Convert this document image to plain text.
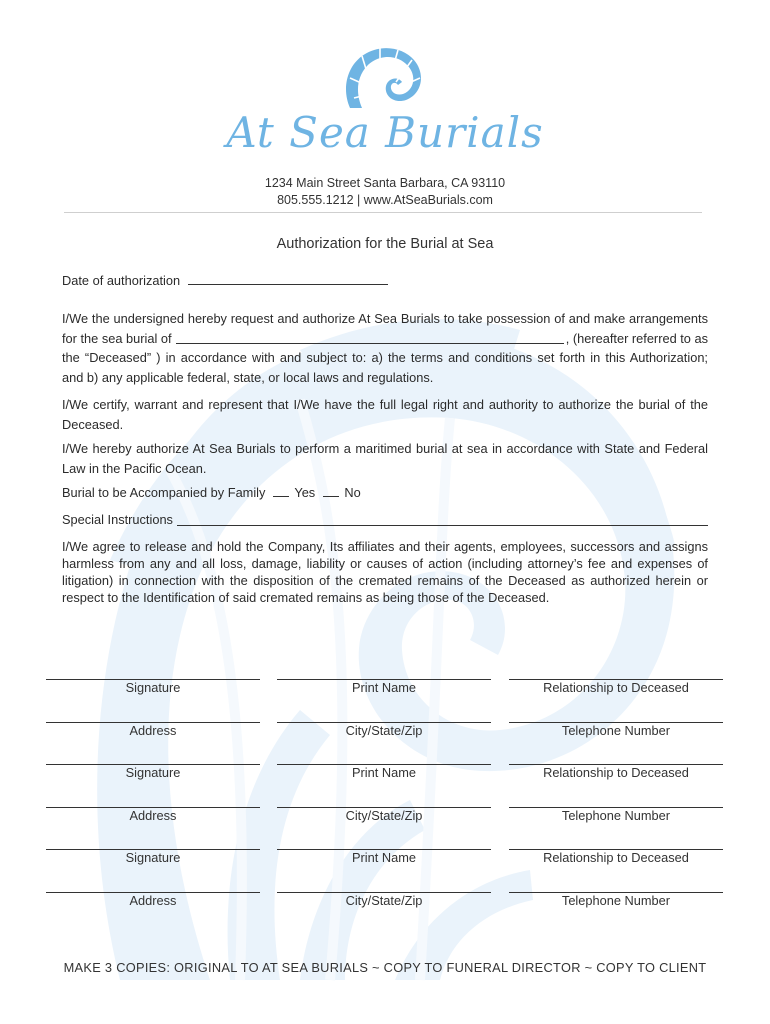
At Sea Burials
1234 Main Street Santa Barbara, CA 93110
805.555.1212 | www.AtSeaBurials.com
Authorization for the Burial at Sea
Date of authorization
I/We the undersigned hereby request and authorize At Sea Burials to take possession of and make arrangements
for the sea burial of	, (hereafter referred to as
the “Deceased” ) in accordance with and subject to: a) the terms and conditions set forth in this Authorization;
and b) any applicable federal, state, or local laws and regulations.
I/We certify, warrant and represent that I/We have the full legal right and authority to authorize the burial of the Deceased.
I/We hereby authorize At Sea Burials to perform a maritimed burial at sea in accordance with State and Federal Law in the Pacific Ocean.
Burial to be Accompanied by Family Yes No
Special Instructions
I/We agree to release and hold the Company, Its affiliates and their agents, employees, successors and assigns harmless from any and all loss, damage, liability or causes of action (including attorney’s fee and expenses of litigation) in connection with the disposition of the cremated remains of the Deceased as authorized herein or respect to the Identification of said cremated remains as being those of the Deceased.
Signature	Print Name	Relationship to Deceased
Address	City/State/Zip	Telephone Number
Signature	Print Name	Relationship to Deceased
Address	City/State/Zip	Telephone Number
Signature	Print Name	Relationship to Deceased
Address	City/State/Zip	Telephone Number
MAKE 3 COPIES: ORIGINAL TO AT SEA BURIALS ~ COPY TO FUNERAL DIRECTOR ~ COPY TO CLIENT
